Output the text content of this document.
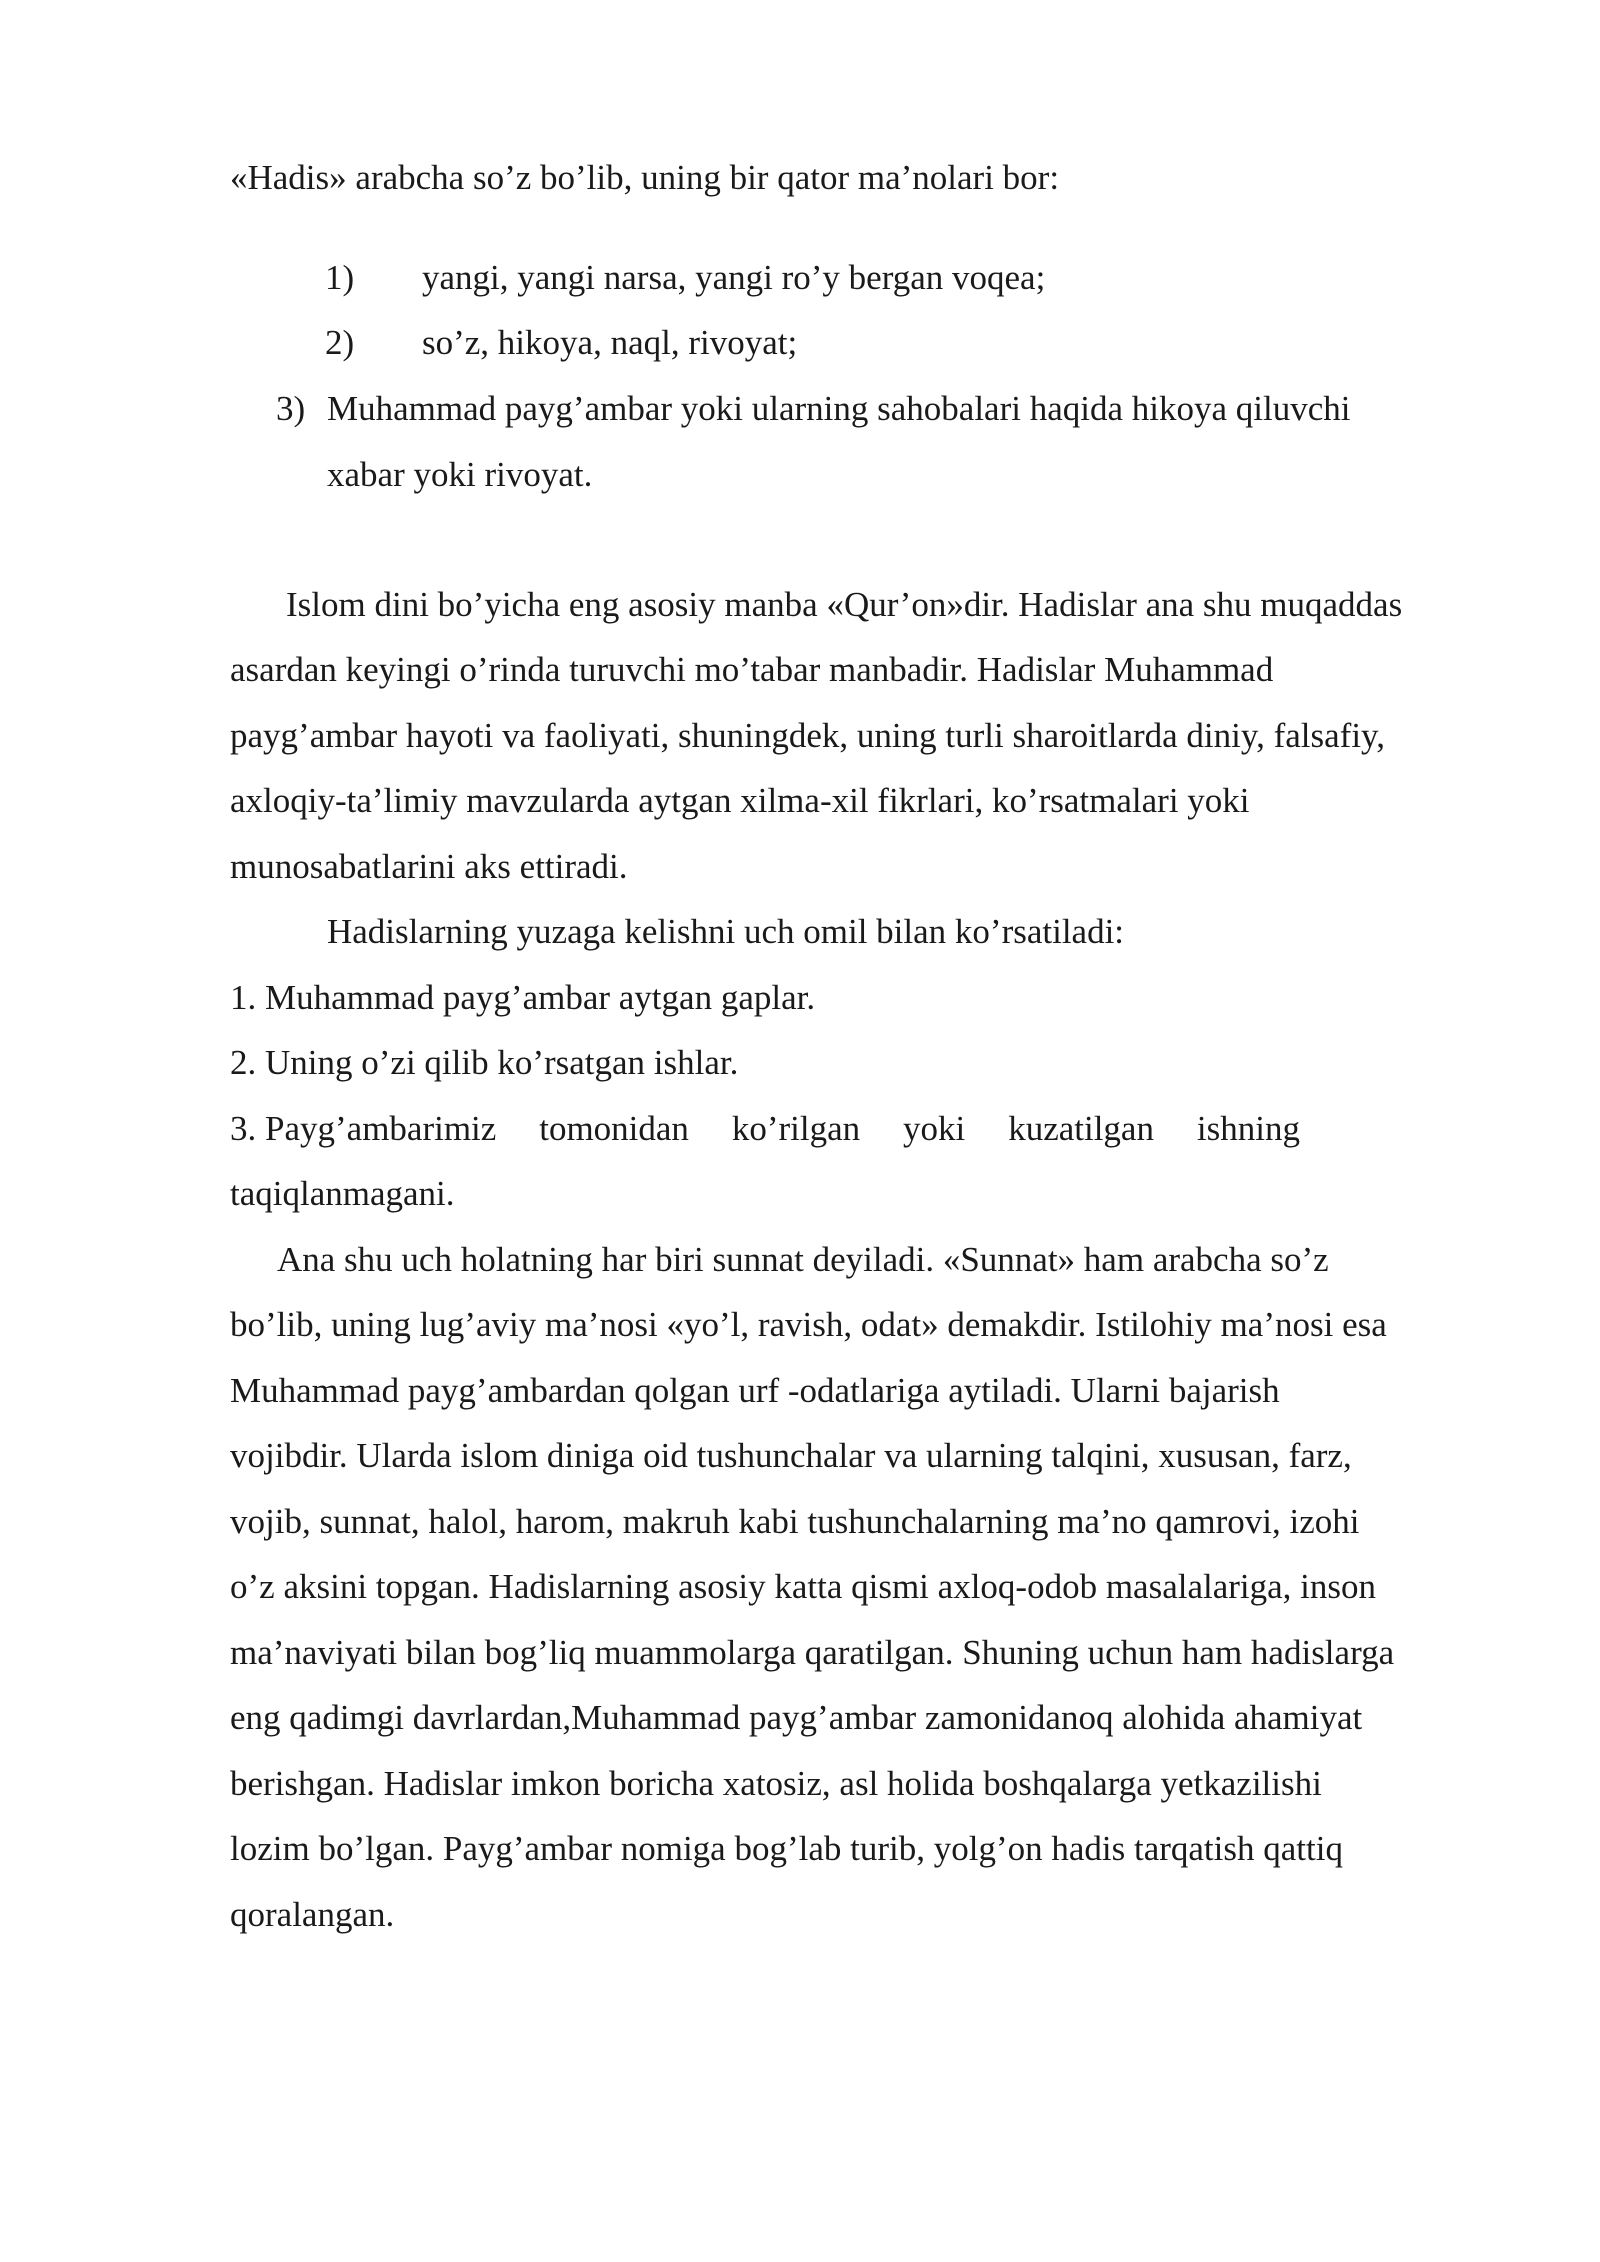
«Hadis» arabcha so’z bo’lib, uning bir qator ma’nolari bor:

1) yangi, yangi narsa, yangi ro’y bergan voqea;
2) so’z, hikoya, naql, rivoyat;
3) Muhammad payg’ambar yoki ularning sahobalari haqida hikoya qiluvchi
xabar yoki rivoyat.

Islom dini bo’yicha eng asosiy manba «Qur’on»dir. Hadislar ana shu muqaddas

asardan keyingi o’rinda turuvchi mo’tabar manbadir. Hadislar Muhammad

payg’ambar hayoti va faoliyati, shuningdek, uning turli sharoitlarda diniy, falsafiy,

axloqiy-ta’limiy mavzularda aytgan xilma-xil fikrlari, ko’rsatmalari yoki

munosabatlarini aks ettiradi.

Hadislarning yuzaga kelishni uch omil bilan ko’rsatiladi:

1. Muhammad payg’ambar aytgan gaplar.

2. Uning o’zi qilib ko’rsatgan ishlar.

3. Payg’ambarimiz tomonidan ko’rilgan yoki kuzatilgan ishning

taqiqlanmagani.

Ana shu uch holatning har biri sunnat deyiladi. «Sunnat» ham arabcha so’z

bo’lib, uning lug’aviy ma’nosi «yo’l, ravish, odat» demakdir. Istilohiy ma’nosi esa

Muhammad payg’ambardan qolgan urf -odatlariga aytiladi. Ularni bajarish

vojibdir. Ularda islom diniga oid tushunchalar va ularning talqini, xususan, farz,

vojib, sunnat, halol, harom, makruh kabi tushunchalarning ma’no qamrovi, izohi

o’z aksini topgan. Hadislarning asosiy katta qismi axloq-odob masalalariga, inson

ma’naviyati bilan bog’liq muammolarga qaratilgan. Shuning uchun ham hadislarga

eng qadimgi davrlardan,Muhammad payg’ambar zamonidanoq alohida ahamiyat

berishgan. Hadislar imkon boricha xatosiz, asl holida boshqalarga yetkazilishi

lozim bo’lgan. Payg’ambar nomiga bog’lab turib, yolg’on hadis tarqatish qattiq

qoralangan.
